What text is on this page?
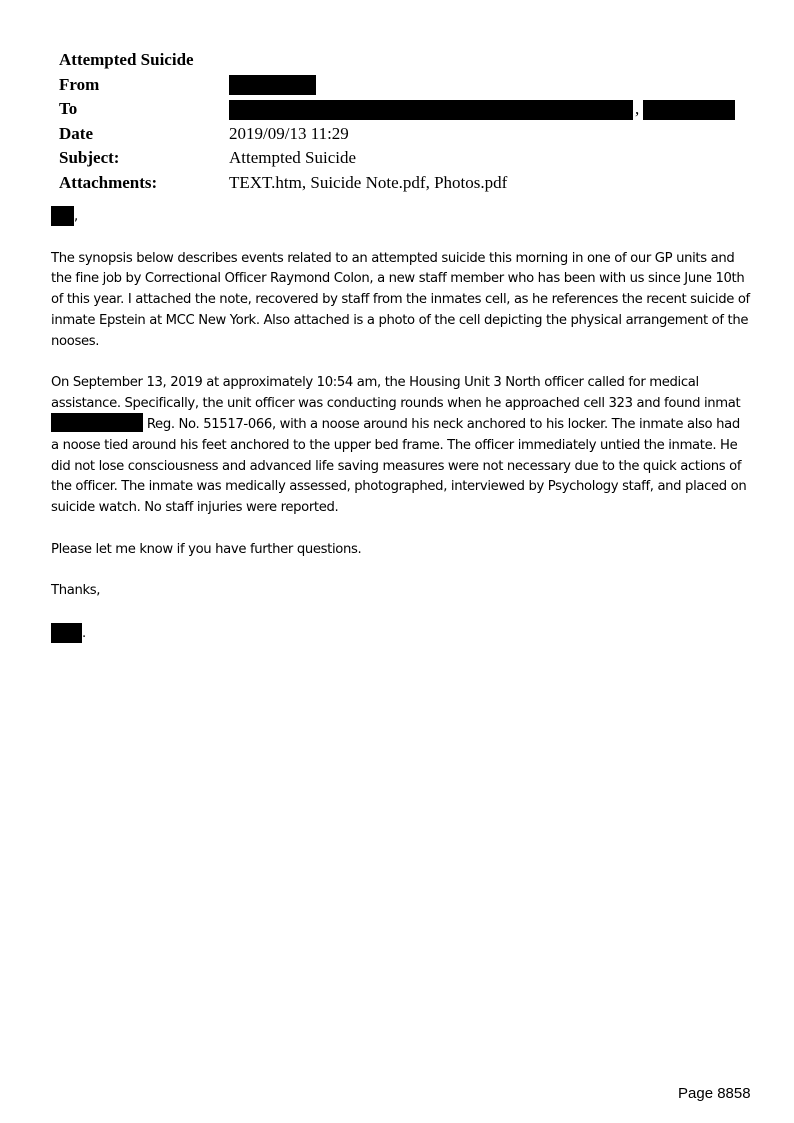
Attempted Suicide
From
To	,
Date	2019/09/13 11:29
Subject:	Attempted Suicide
Attachments:	TEXT.htm, Suicide Note.pdf, Photos.pdf

,

The synopsis below describes events related to an attempted suicide this morning in one of our GP units and the fine job by Correctional Officer Raymond Colon, a new staff member who has been with us since June 10th of this year. I attached the note, recovered by staff from the inmates cell, as he references the recent suicide of inmate Epstein at MCC New York. Also attached is a photo of the cell depicting the physical arrangement of the nooses.

On September 13, 2019 at approximately 10:54 am, the Housing Unit 3 North officer called for medical assistance. Specifically, the unit officer was conducting rounds when he approached cell 323 and found inmat Reg. No. 51517-066, with a noose around his neck anchored to his locker. The inmate also had a noose tied around his feet anchored to the upper bed frame. The officer immediately untied the inmate. He did not lose consciousness and advanced life saving measures were not necessary due to the quick actions of the officer. The inmate was medically assessed, photographed, interviewed by Psychology staff, and placed on suicide watch. No staff injuries were reported.

Please let me know if you have further questions.

Thanks,

.

Page 8858
